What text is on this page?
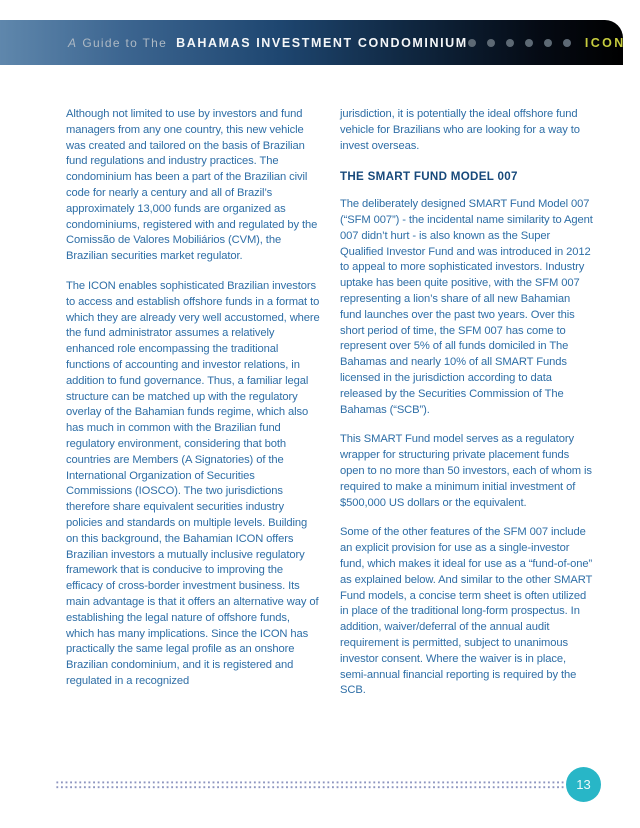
A Guide to The BAHAMAS INVESTMENT CONDOMINIUM	ICON

Although not limited to use by investors and fund managers from any one country, this new vehicle was created and tailored on the basis of Brazilian fund regulations and industry practices. The condominium has been a part of the Brazilian civil code for nearly a century and all of Brazil’s approximately 13,000 funds are organized as condominiums, registered with and regulated by the Comissão de Valores Mobiliários (CVM), the Brazilian securities market regulator.

The ICON enables sophisticated Brazilian investors to access and establish offshore funds in a format to which they are already very well accustomed, where the fund administrator assumes a relatively enhanced role encompassing the traditional functions of accounting and investor relations, in addition to fund governance. Thus, a familiar legal structure can be matched up with the regulatory overlay of the Bahamian funds regime, which also has much in common with the Brazilian fund regulatory environment, considering that both countries are Members (A Signatories) of the International Organization of Securities Commissions (IOSCO). The two jurisdictions therefore share equivalent securities industry policies and standards on multiple levels. Building on this background, the Bahamian ICON offers Brazilian investors a mutually inclusive regulatory framework that is conducive to improving the efficacy of cross-border investment business. Its main advantage is that it offers an alternative way of establishing the legal nature of offshore funds, which has many implications. Since the ICON has practically the same legal profile as an onshore Brazilian condominium, and it is registered and regulated in a recognized

jurisdiction, it is potentially the ideal offshore fund vehicle for Brazilians who are looking for a way to invest overseas.

THE SMART FUND MODEL 007

The deliberately designed SMART Fund Model 007 (“SFM 007”) - the incidental name similarity to Agent 007 didn’t hurt - is also known as the Super Qualified Investor Fund and was introduced in 2012 to appeal to more sophisticated investors. Industry uptake has been quite positive, with the SFM 007 representing a lion’s share of all new Bahamian fund launches over the past two years. Over this short period of time, the SFM 007 has come to represent over 5% of all funds domiciled in The Bahamas and nearly 10% of all SMART Funds licensed in the jurisdiction according to data released by the Securities Commission of The Bahamas (“SCB”).

This SMART Fund model serves as a regulatory wrapper for structuring private placement funds open to no more than 50 investors, each of whom is required to make a minimum initial investment of $500,000 US dollars or the equivalent.

Some of the other features of the SFM 007 include an explicit provision for use as a single-investor fund, which makes it ideal for use as a “fund-of-one” as explained below. And similar to the other SMART Fund models, a concise term sheet is often utilized in place of the traditional long-form prospectus. In addition, waiver/deferral of the annual audit requirement is permitted, subject to unanimous investor consent. Where the waiver is in place, semi-annual financial reporting is required by the SCB.

13
